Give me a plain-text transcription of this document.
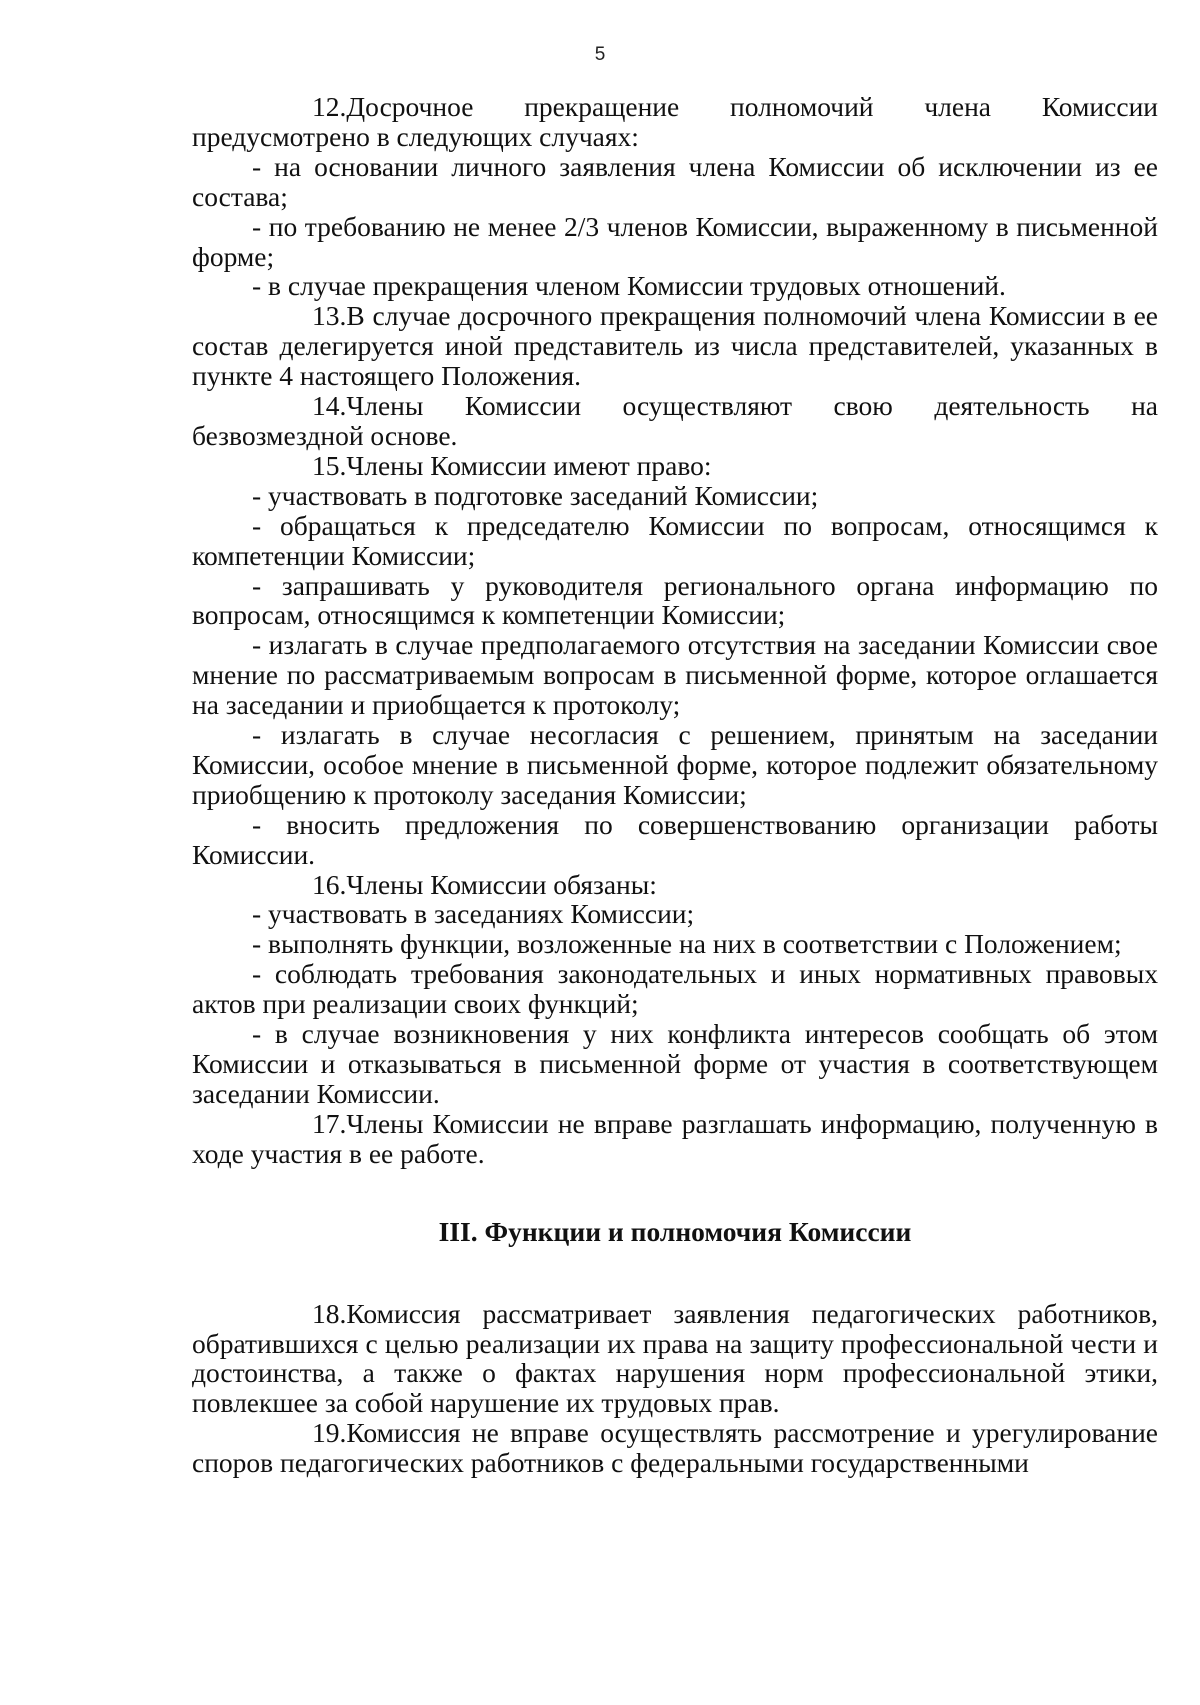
5

12.Досрочное прекращение полномочий члена Комиссии предусмотрено в следующих случаях:

- на основании личного заявления члена Комиссии об исключении из ее состава;

- по требованию не менее 2/3 членов Комиссии, выраженному в письменной форме;

- в случае прекращения членом Комиссии трудовых отношений.

13.В случае досрочного прекращения полномочий члена Комиссии в ее состав делегируется иной представитель из числа представителей, указанных в пункте 4 настоящего Положения.

14.Члены Комиссии осуществляют свою деятельность на безвозмездной основе.

15.Члены Комиссии имеют право:

- участвовать в подготовке заседаний Комиссии;

- обращаться к председателю Комиссии по вопросам, относящимся к компетенции Комиссии;

- запрашивать у руководителя регионального органа информацию по вопросам, относящимся к компетенции Комиссии;

- излагать в случае предполагаемого отсутствия на заседании Комиссии свое мнение по рассматриваемым вопросам в письменной форме, которое оглашается на заседании и приобщается к протоколу;

- излагать в случае несогласия с решением, принятым на заседании Комиссии, особое мнение в письменной форме, которое подлежит обязательному приобщению к протоколу заседания Комиссии;

- вносить предложения по совершенствованию организации работы Комиссии.

16.Члены Комиссии обязаны:

- участвовать в заседаниях Комиссии;

- выполнять функции, возложенные на них в соответствии с Положением;

- соблюдать требования законодательных и иных нормативных правовых актов при реализации своих функций;

- в случае возникновения у них конфликта интересов сообщать об этом Комиссии и отказываться в письменной форме от участия в соответствующем заседании Комиссии.

17.Члены Комиссии не вправе разглашать информацию, полученную в ходе участия в ее работе.

III. Функции и полномочия Комиссии

18.Комиссия рассматривает заявления педагогических работников, обратившихся с целью реализации их права на защиту профессиональной чести и достоинства, а также о фактах нарушения норм профессиональной этики, повлекшее за собой нарушение их трудовых прав.

19.Комиссия не вправе осуществлять рассмотрение и урегулирование споров педагогических работников с федеральными государственными
